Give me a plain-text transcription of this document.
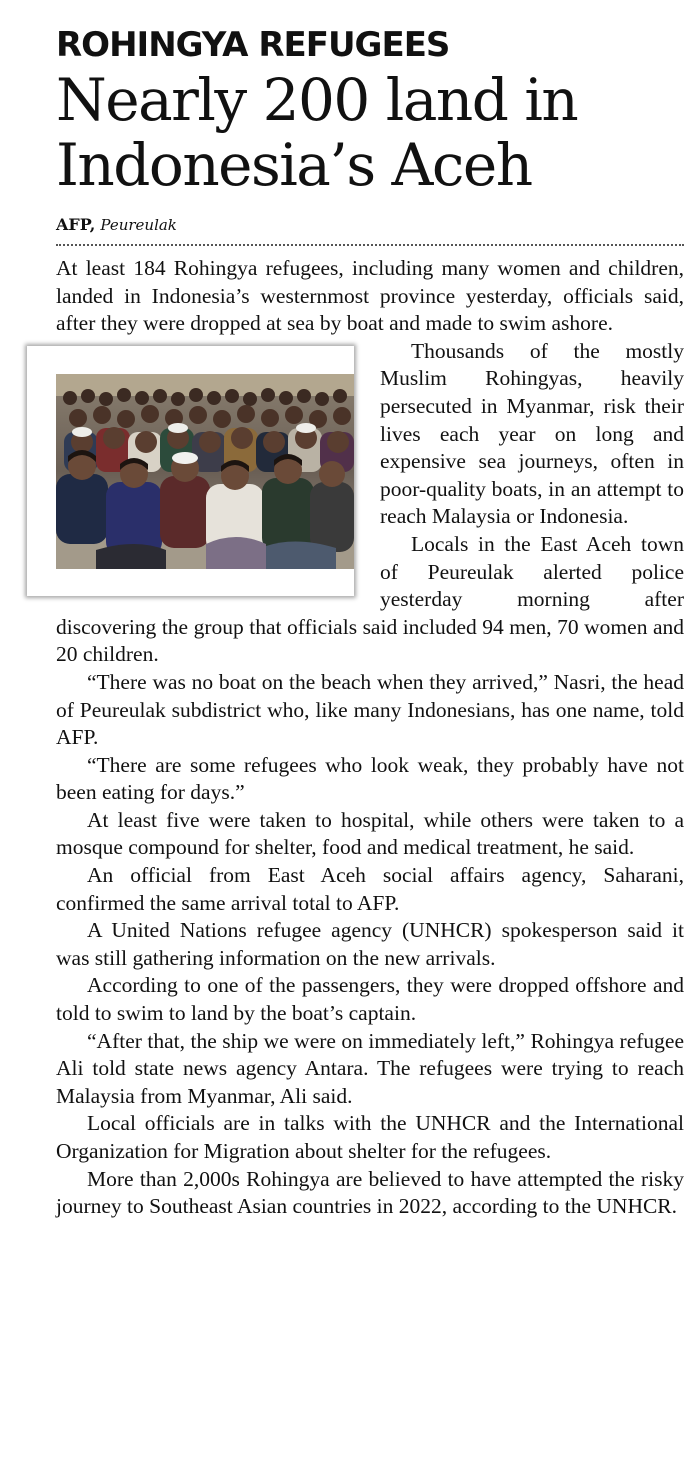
ROHINGYA REFUGEES
Nearly 200 land in
Indonesia’s Aceh
AFP, Peureulak

At least 184 Rohingya refugees, including many women and children, landed in Indonesia’s westernmost province yesterday, officials said, after they were dropped at sea by boat and made to swim ashore.

Thousands of the mostly Muslim Rohingyas, heavily persecuted in Myanmar, risk their lives each year on long and expensive sea journeys, often in poor-quality boats, in an attempt to reach Malaysia or Indonesia.

Locals in the East Aceh town of Peureulak alerted police yesterday morning after discovering the group that officials said included 94 men, 70 women and 20 children.

“There was no boat on the beach when they arrived,” Nasri, the head of Peureulak subdistrict who, like many Indonesians, has one name, told AFP.

“There are some refugees who look weak, they probably have not been eating for days.”

At least five were taken to hospital, while others were taken to a mosque compound for shelter, food and medical treatment, he said.

An official from East Aceh social affairs agency, Saharani, confirmed the same arrival total to AFP.

A United Nations refugee agency (UNHCR) spokesperson said it was still gathering information on the new arrivals.

According to one of the passengers, they were dropped offshore and told to swim to land by the boat’s captain.

“After that, the ship we were on immediately left,” Rohingya refugee Ali told state news agency Antara. The refugees were trying to reach Malaysia from Myanmar, Ali said.

Local officials are in talks with the UNHCR and the International Organization for Migration about shelter for the refugees.

More than 2,000s Rohingya are believed to have attempted the risky journey to Southeast Asian countries in 2022, according to the UNHCR.
